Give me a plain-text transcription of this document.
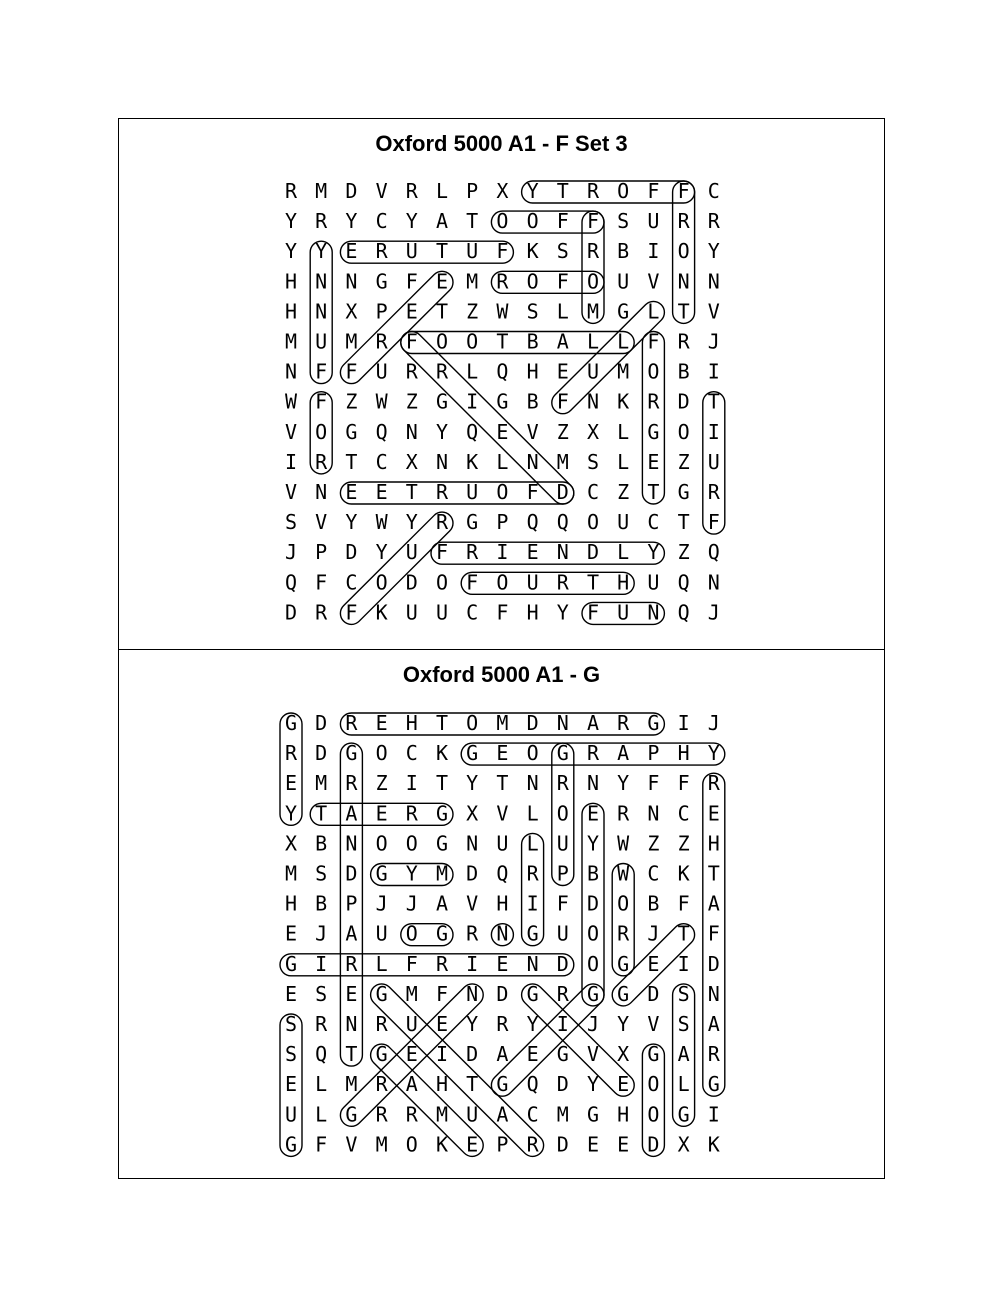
Oxford 5000 A1 - F Set 3
Oxford 5000 A1 - G
R M D V R L P X Y T R O F F C
Y R Y C Y A T O O F F S U R R
Y Y E R U T U F K S R B I O Y
H N N G F E M R O F O U V N N
H N X P E T Z W S L M G L T V
M U M R F O O T B A L L F R J
N F F U R R L Q H E U M O B I
W F Z W Z G I G B F N K R D T
V O G Q N Y Q E V Z X L G O I
I R T C X N K L N M S L E Z U
V N E E T R U O F D C Z T G R
S V Y W Y R G P Q Q O U C T F
J P D Y U F R I E N D L Y Z Q
Q F C O D O F O U R T H U Q N
D R F K U U C F H Y F U N Q J
G D R E H T O M D N A R G I J
R D G O C K G E O G R A P H Y
E M R Z I T Y T N R N Y F F R
Y T A E R G X V L O E R N C E
X B N O O G N U L U Y W Z Z H
M S D G Y M D Q R P B W C K T
H B P J J A V H I F D O B F A
E J A U O G R N G U O R J T F
G I R L F R I E N D O G E I D
E S E G M F N D G R G G D S N
S R N R U E Y R Y I J Y V S A
S Q T G E I D A E G V X G A R
E L M R A H T G Q D Y E O L G
U L G R R M U A C M G H O G I
G F V M O K E P R D E E D X K
